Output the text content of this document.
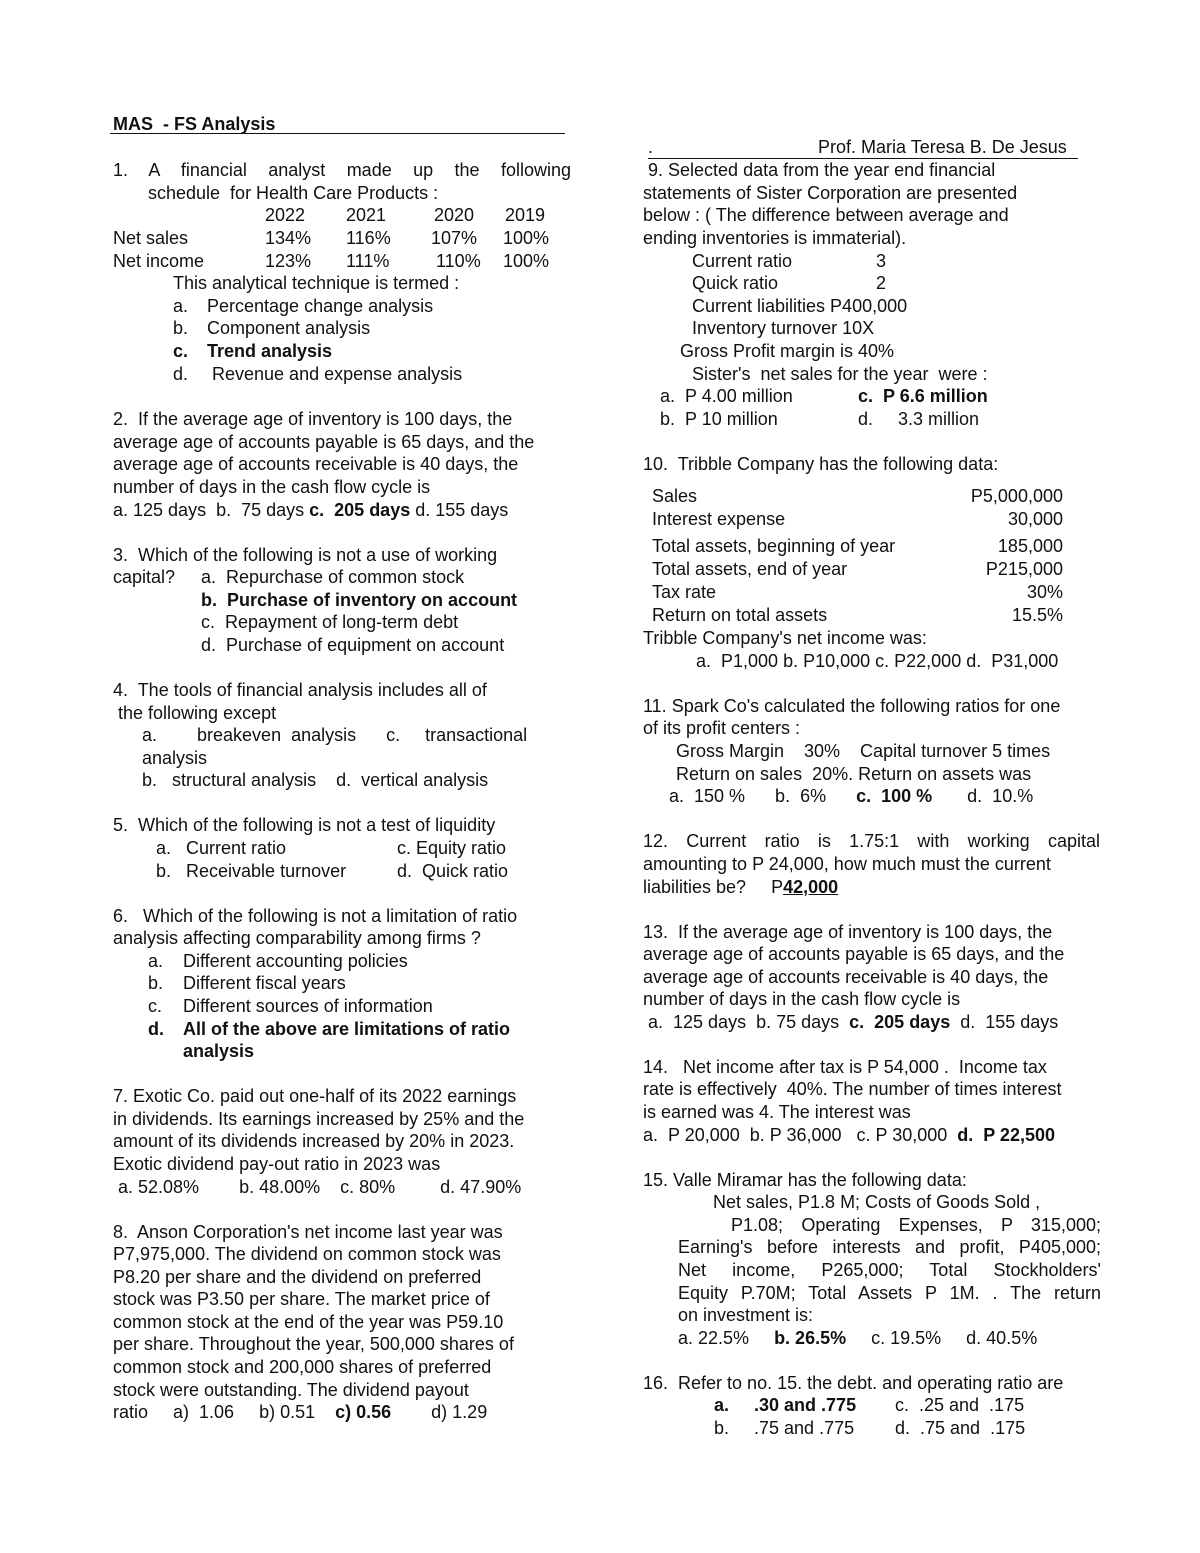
MAS  - FS Analysis
.	Prof. Maria Teresa B. De Jesus
1. A financial analyst made up the following
schedule  for Health Care Products :
2022 2021	2020 2019
Net sales	134% 116% 107% 100%
Net income	123% 111%	110% 100%
This analytical technique is termed :
a. Percentage change analysis
b. Component analysis
c. Trend analysis
d. Revenue and expense analysis
2.  If the average age of inventory is 100 days, the
average age of accounts payable is 65 days, and the
average age of accounts receivable is 40 days, the
number of days in the cash flow cycle is
a. 125 days  b.  75 days c.  205 days d. 155 days
3.  Which of the following is not a use of working
capital? a.  Repurchase of common stock
b.  Purchase of inventory on account
c.  Repayment of long-term debt
d.  Purchase of equipment on account
4.  The tools of financial analysis includes all of
the following except
a.        breakeven  analysis      c.     transactional
analysis
b.   structural analysis    d.  vertical analysis
5.  Which of the following is not a test of liquidity
a.   Current ratio	c. Equity ratio
b.   Receivable turnover	d.  Quick ratio
6.   Which of the following is not a limitation of ratio
analysis affecting comparability among firms ?
a. Different accounting policies
b. Different fiscal years
c. Different sources of information
d. All of the above are limitations of ratio
analysis
7. Exotic Co. paid out one-half of its 2022 earnings
in dividends. Its earnings increased by 25% and the
amount of its dividends increased by 20% in 2023.
Exotic dividend pay-out ratio in 2023 was
a. 52.08%        b. 48.00%    c. 80%         d. 47.90%
8.  Anson Corporation's net income last year was
P7,975,000. The dividend on common stock was
P8.20 per share and the dividend on preferred
stock was P3.50 per share. The market price of
common stock at the end of the year was P59.10
per share. Throughout the year, 500,000 shares of
common stock and 200,000 shares of preferred
stock were outstanding. The dividend payout
ratio     a)  1.06     b) 0.51    c) 0.56        d) 1.29
9. Selected data from the year end financial
statements of Sister Corporation are presented
below : ( The difference between average and
ending inventories is immaterial).
Current ratio	3
Quick ratio	2
Current liabilities P400,000
Inventory turnover 10X
Gross Profit margin is 40%
Sister's  net sales for the year  were :
a.  P 4.00 million	c.  P 6.6 million
b.  P 10 million	d.     3.3 million
10.  Tribble Company has the following data:
Sales	P5,000,000
Interest expense	30,000
Total assets, beginning of year	185,000
Total assets, end of year	P215,000
Tax rate	30%
Return on total assets	15.5%
Tribble Company's net income was:
a.  P1,000 b. P10,000 c. P22,000 d.  P31,000
11. Spark Co's calculated the following ratios for one
of its profit centers :
Gross Margin    30%    Capital turnover 5 times
Return on sales  20%. Return on assets was
a.  150 %      b.  6%      c.  100 %       d.  10.%
12. Current ratio is 1.75:1 with working capital
amounting to P 24,000, how much must the current
liabilities be?     P42,000
13.  If the average age of inventory is 100 days, the
average age of accounts payable is 65 days, and the
average age of accounts receivable is 40 days, the
number of days in the cash flow cycle is
a.  125 days  b. 75 days  c.  205 days  d.  155 days
14.   Net income after tax is P 54,000 .  Income tax
rate is effectively  40%. The number of times interest
is earned was 4. The interest was
a.  P 20,000  b. P 36,000   c. P 30,000  d.  P 22,500
15. Valle Miramar has the following data:
Net sales, P1.8 M; Costs of Goods Sold ,
P1.08; Operating Expenses, P 315,000;
Earning's before interests and profit, P405,000;
Net income, P265,000; Total Stockholders'
Equity P.70M; Total Assets P 1M. . The return
on investment is:
a. 22.5%     b. 26.5%     c. 19.5%     d. 40.5%
16.  Refer to no. 15. the debt. and operating ratio are
a.     .30 and .775 c.  .25 and  .175
b.     .75 and .775 d.  .75 and  .175
